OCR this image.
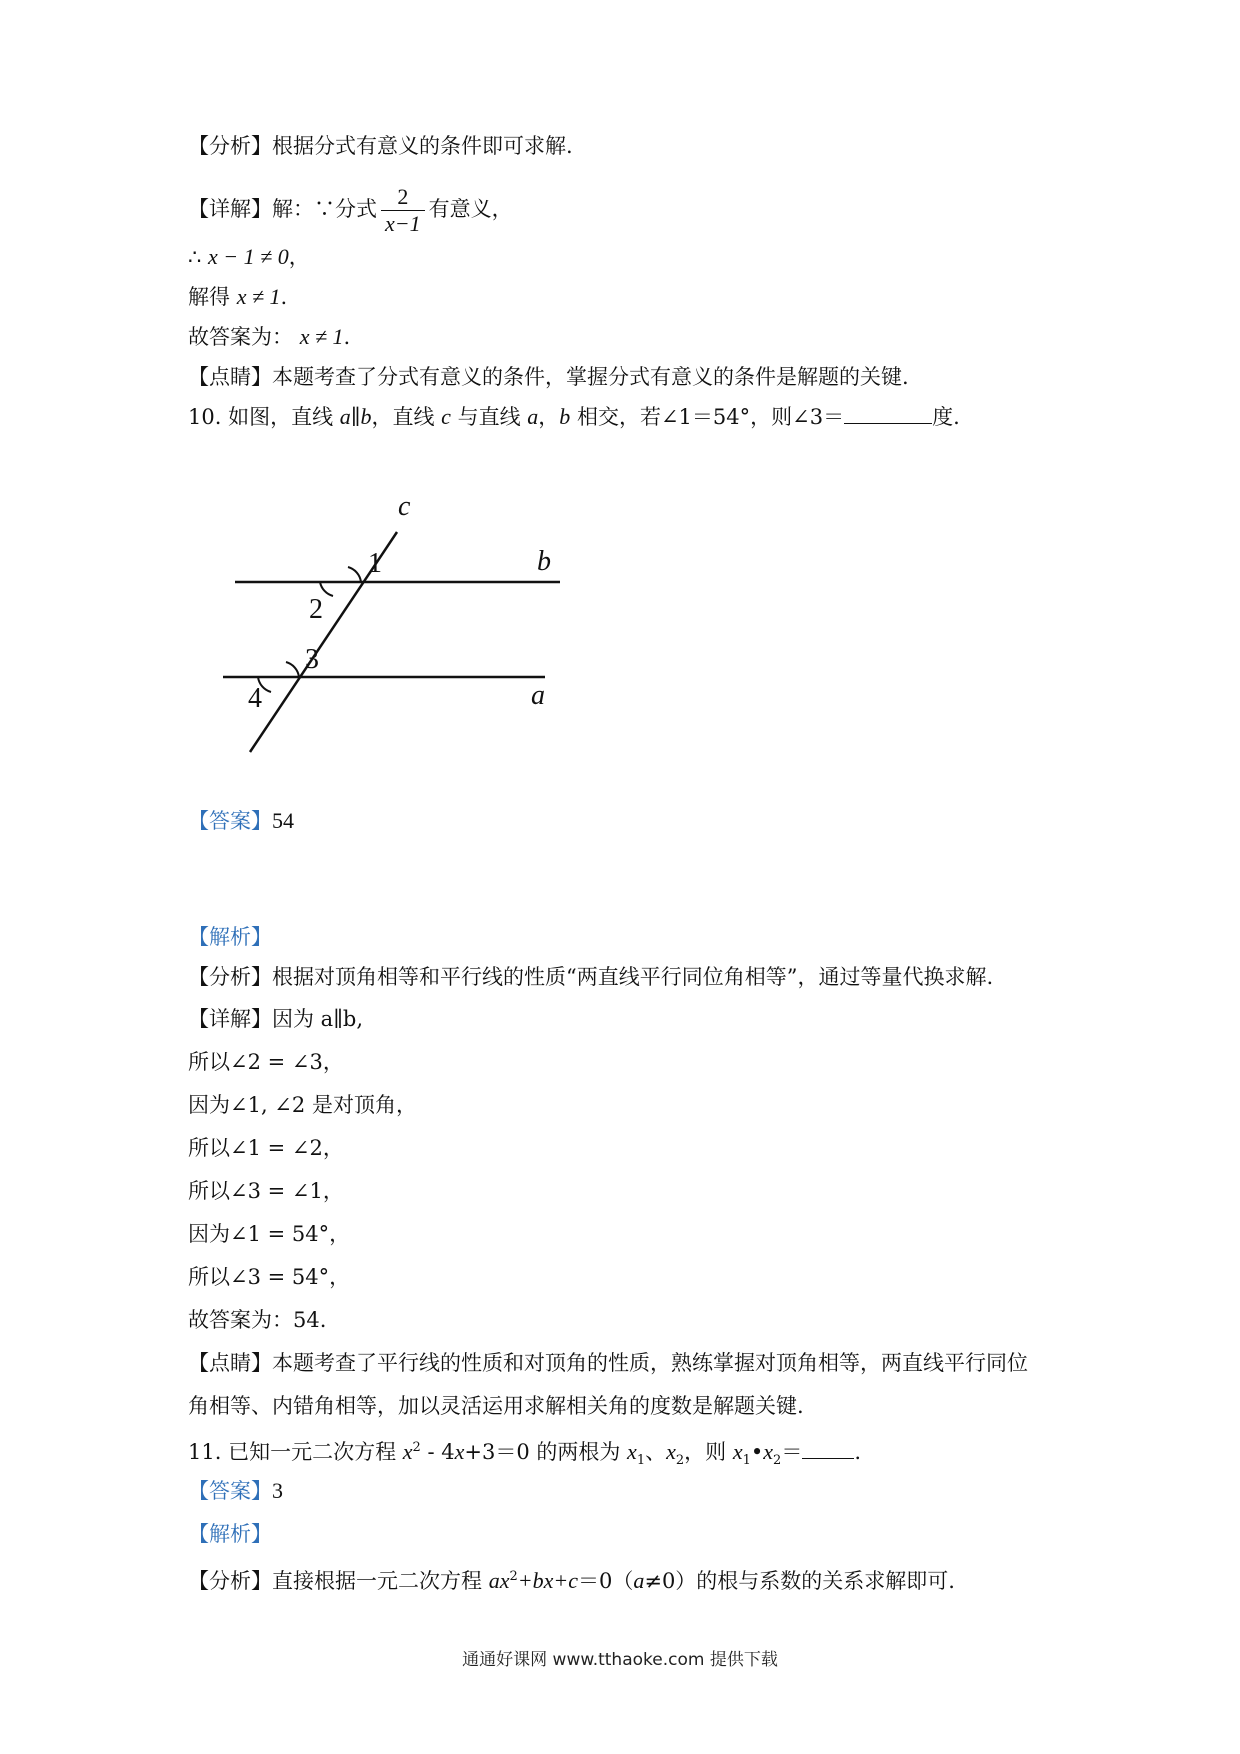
【分析】根据分式有意义的条件即可求解.
【详解】解：∵分式 $\frac{2}{x-1}$ 有意义，
∴ x − 1 ≠ 0，
解得 x ≠ 1.
故答案为： x ≠ 1.
【点睛】本题考查了分式有意义的条件，掌握分式有意义的条件是解题的关键.
10. 如图，直线 a∥b，直线 c 与直线 a，b 相交，若∠1＝54°，则∠3＝	度.
c
b
a
1
2
3
4
【答案】54
【解析】
【分析】根据对顶角相等和平行线的性质“两直线平行同位角相等”，通过等量代换求解.
【详解】因为 a∥b,
所以∠2 = ∠3，
因为∠1, ∠2 是对顶角，
所以∠1 = ∠2，
所以∠3 = ∠1，
因为∠1 = 54°，
所以∠3 = 54°，
故答案为：54.
【点睛】本题考查了平行线的性质和对顶角的性质，熟练掌握对顶角相等，两直线平行同位
角相等、内错角相等，加以灵活运用求解相关角的度数是解题关键.
11. 已知一元二次方程 $x^2 - 4x+3=0$ 的两根为 $x_1$、$x_2$，则 $x_1•x_2=$ .
【答案】3
【解析】
【分析】直接根据一元二次方程 $ax^2+bx+c=0(a\ne 0)$的根与系数的关系求解即可.
通通好课网 www.tthaoke.com 提供下载
